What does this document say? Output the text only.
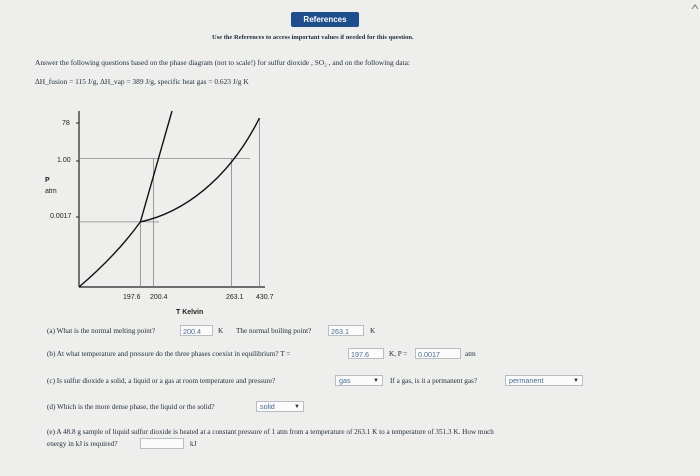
References
Use the References to access important values if needed for this question.
Answer the following questions based on the phase diagram (not to scale!) for sulfur dioxide , SO₂ , and on the following data:
ΔH_fusion = 115 J/g, ΔH_vap = 389 J/g, specific heat gas = 0.623 J/g K
78
1.00
0.0017
P
atm
197.6 200.4	263.1 430.7
T Kelvin
(a) What is the normal melting point?	200.4	K The normal boiling point?	263.1	K
(b) At what temperature and pressure do the three phases coexist in equilibrium? T =	197.6	K, P =	0.0017	atm
(c) Is sulfur dioxide a solid, a liquid or a gas at room temperature and pressure?	gas	▼ If a gas, is it a permanent gas?	permanent	▼
(d) Which is the more dense phase, the liquid or the solid?	solid	▼
(e) A 48.8 g sample of liquid sulfur dioxide is heated at a constant pressure of 1 atm from a temperature of 263.1 K to a temperature of 351.3 K. How much
energy in kJ is required?	kJ
